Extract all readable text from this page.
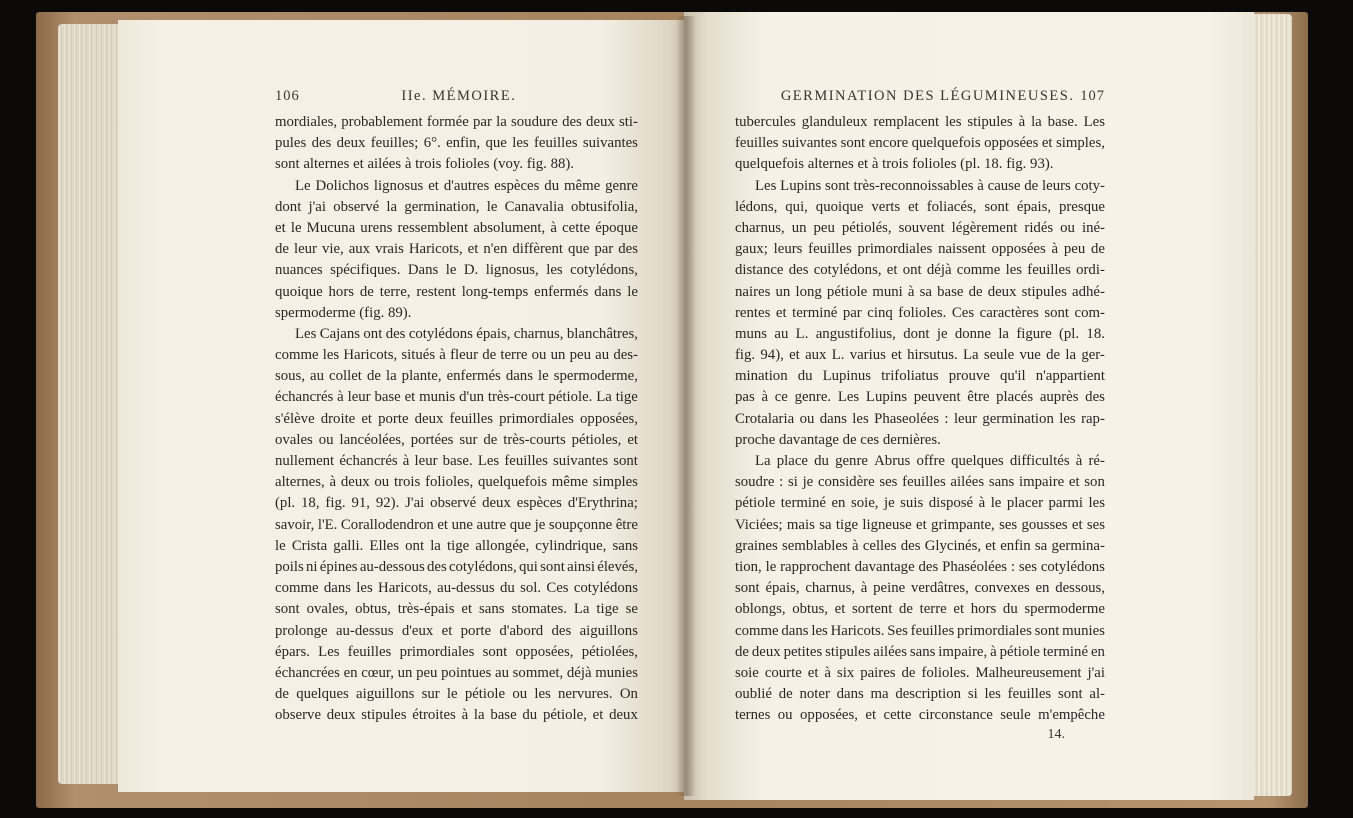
106	IIe. MÉMOIRE.
mordiales, probablement formée par la soudure des deux sti-
pules des deux feuilles; 6°. enfin, que les feuilles suivantes
sont alternes et ailées à trois folioles (voy. fig. 88).
Le Dolichos lignosus et d'autres espèces du même genre
dont j'ai observé la germination, le Canavalia obtusifolia,
et le Mucuna urens ressemblent absolument, à cette époque
de leur vie, aux vrais Haricots, et n'en diffèrent que par des
nuances spécifiques. Dans le D. lignosus, les cotylédons,
quoique hors de terre, restent long-temps enfermés dans le
spermoderme (fig. 89).
Les Cajans ont des cotylédons épais, charnus, blanchâtres,
comme les Haricots, situés à fleur de terre ou un peu au des-
sous, au collet de la plante, enfermés dans le spermoderme,
échancrés à leur base et munis d'un très-court pétiole. La tige
s'élève droite et porte deux feuilles primordiales opposées,
ovales ou lancéolées, portées sur de très-courts pétioles, et
nullement échancrés à leur base. Les feuilles suivantes sont
alternes, à deux ou trois folioles, quelquefois même simples
(pl. 18, fig. 91, 92). J'ai observé deux espèces d'Erythrina;
savoir, l'E. Corallodendron et une autre que je soupçonne être
le Crista galli. Elles ont la tige allongée, cylindrique, sans
poils ni épines au-dessous des cotylédons, qui sont ainsi élevés,
comme dans les Haricots, au-dessus du sol. Ces cotylédons
sont ovales, obtus, très-épais et sans stomates. La tige se
prolonge au-dessus d'eux et porte d'abord des aiguillons
épars. Les feuilles primordiales sont opposées, pétiolées,
échancrées en cœur, un peu pointues au sommet, déjà munies
de quelques aiguillons sur le pétiole ou les nervures. On
observe deux stipules étroites à la base du pétiole, et deux
GERMINATION DES LÉGUMINEUSES. 107
tubercules glanduleux remplacent les stipules à la base. Les
feuilles suivantes sont encore quelquefois opposées et simples,
quelquefois alternes et à trois folioles (pl. 18. fig. 93).
Les Lupins sont très-reconnoissables à cause de leurs coty-
lédons, qui, quoique verts et foliacés, sont épais, presque
charnus, un peu pétiolés, souvent légèrement ridés ou iné-
gaux; leurs feuilles primordiales naissent opposées à peu de
distance des cotylédons, et ont déjà comme les feuilles ordi-
naires un long pétiole muni à sa base de deux stipules adhé-
rentes et terminé par cinq folioles. Ces caractères sont com-
muns au L. angustifolius, dont je donne la figure (pl. 18.
fig. 94), et aux L. varius et hirsutus. La seule vue de la ger-
mination du Lupinus trifoliatus prouve qu'il n'appartient
pas à ce genre. Les Lupins peuvent être placés auprès des
Crotalaria ou dans les Phaseolées : leur germination les rap-
proche davantage de ces dernières.
La place du genre Abrus offre quelques difficultés à ré-
soudre : si je considère ses feuilles ailées sans impaire et son
pétiole terminé en soie, je suis disposé à le placer parmi les
Viciées; mais sa tige ligneuse et grimpante, ses gousses et ses
graines semblables à celles des Glycinés, et enfin sa germina-
tion, le rapprochent davantage des Phaséolées : ses cotylédons
sont épais, charnus, à peine verdâtres, convexes en dessous,
oblongs, obtus, et sortent de terre et hors du spermoderme
comme dans les Haricots. Ses feuilles primordiales sont munies
de deux petites stipules ailées sans impaire, à pétiole terminé en
soie courte et à six paires de folioles. Malheureusement j'ai
oublié de noter dans ma description si les feuilles sont al-
ternes ou opposées, et cette circonstance seule m'empêche
14.
